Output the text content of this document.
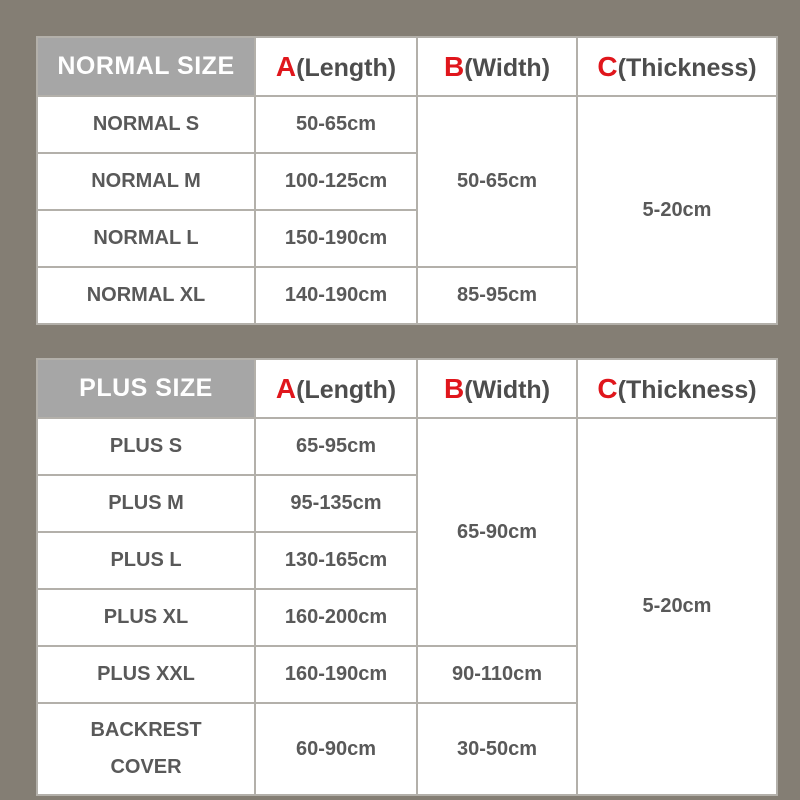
NORMAL SIZE	A(Length)	B(Width)	C(Thickness)
NORMAL S	50-65cm	50-65cm	5-20cm
NORMAL M	100-125cm		
NORMAL L	150-190cm		
NORMAL XL	140-190cm	85-95cm	
PLUS SIZE	A(Length)	B(Width)	C(Thickness)
PLUS S	65-95cm	65-90cm	5-20cm
PLUS M	95-135cm		
PLUS L	130-165cm		
PLUS XL	160-200cm		
PLUS XXL	160-190cm	90-110cm	
BACKREST
COVER	60-90cm	30-50cm	
